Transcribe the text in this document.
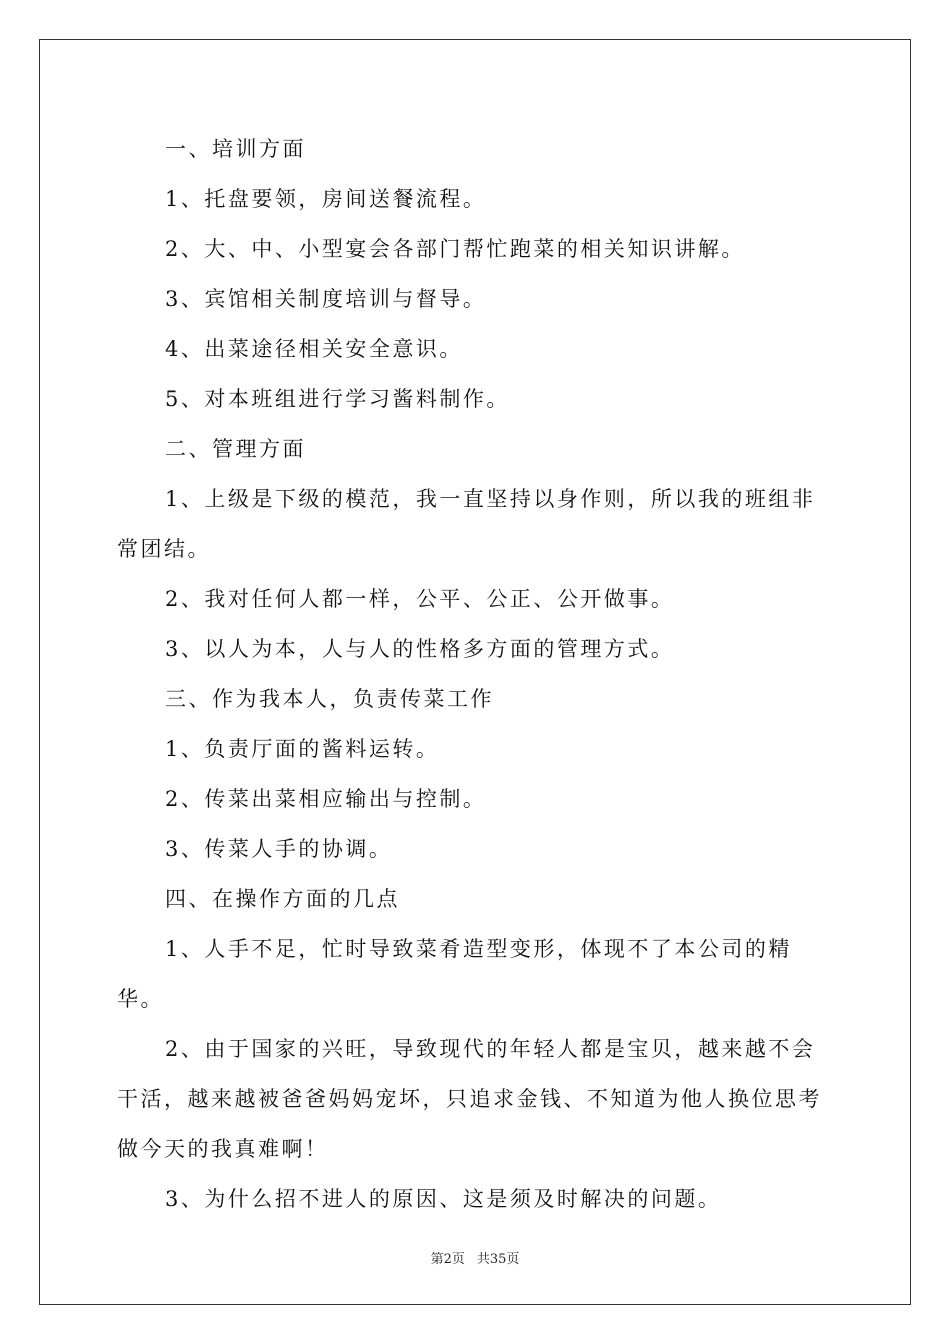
一、培训方面

1、托盘要领，房间送餐流程。

2、大、中、小型宴会各部门帮忙跑菜的相关知识讲解。

3、宾馆相关制度培训与督导。

4、出菜途径相关安全意识。

5、对本班组进行学习酱料制作。

二、管理方面

1、上级是下级的模范，我一直坚持以身作则，所以我的班组非常团结。

2、我对任何人都一样，公平、公正、公开做事。

3、以人为本，人与人的性格多方面的管理方式。

三、作为我本人，负责传菜工作

1、负责厅面的酱料运转。

2、传菜出菜相应输出与控制。

3、传菜人手的协调。

四、在操作方面的几点

1、人手不足，忙时导致菜肴造型变形，体现不了本公司的精华。

2、由于国家的兴旺，导致现代的年轻人都是宝贝，越来越不会干活，越来越被爸爸妈妈宠坏，只追求金钱、不知道为他人换位思考做今天的我真难啊！

3、为什么招不进人的原因、这是须及时解决的问题。

第2页 共35页
